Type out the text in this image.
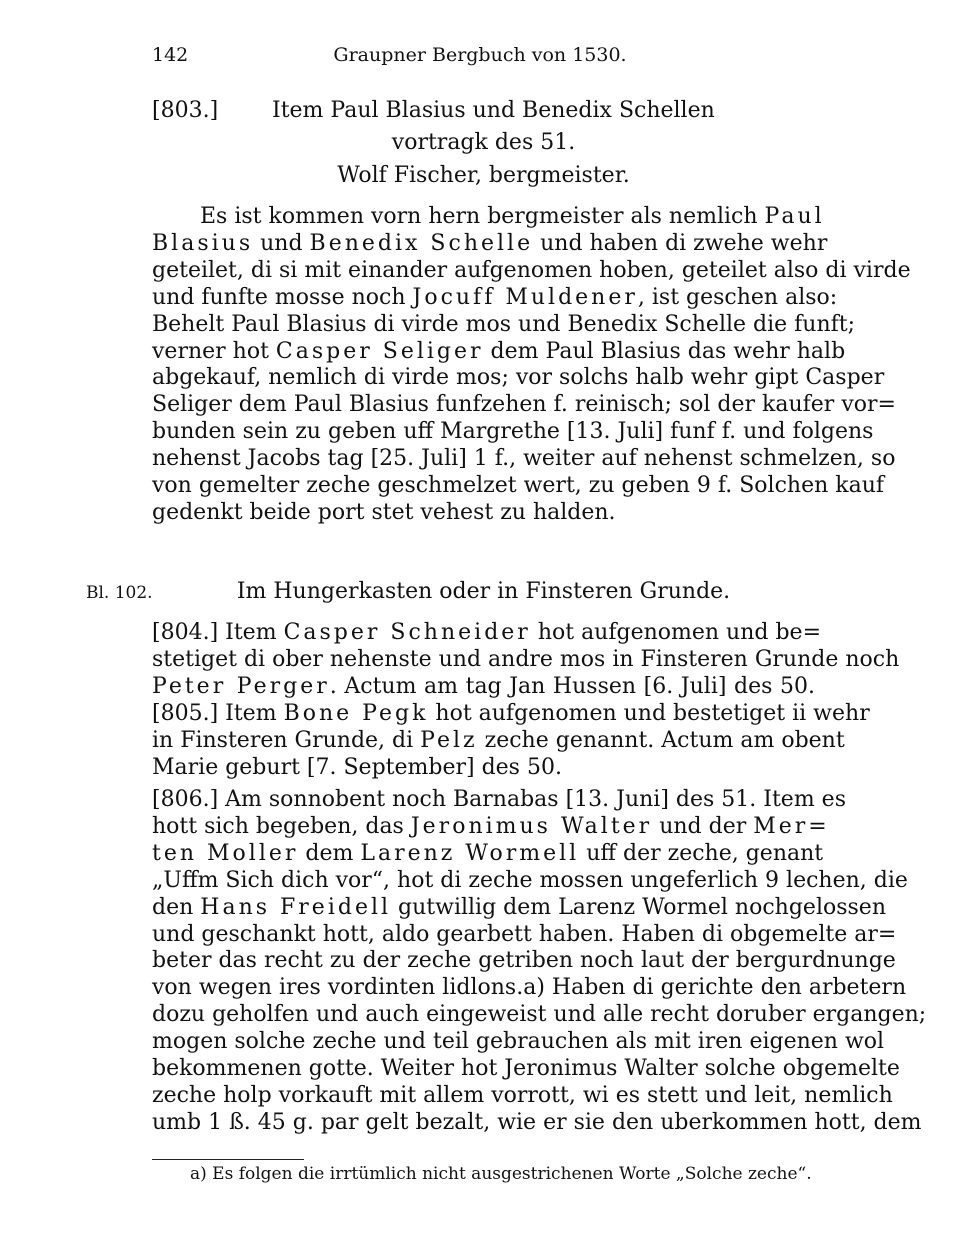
142	Graupner Bergbuch von 1530.
[803.] Item Paul Blasius und Benedix Schellen
vortragk des 51.
Wolf Fischer, bergmeister.
Es ist kommen vorn hern bergmeister als nemlich Paul
Blasius und Benedix Schelle und haben di zwehe wehr
geteilet, di si mit einander aufgenomen hoben, geteilet also di virde
und funfte mosse noch Jocuff Muldener, ist geschen also:
Behelt Paul Blasius di virde mos und Benedix Schelle die funft;
verner hot Casper Seliger dem Paul Blasius das wehr halb
abgekauf, nemlich di virde mos; vor solchs halb wehr gipt Casper
Seliger dem Paul Blasius funfzehen f. reinisch; sol der kaufer vor=
bunden sein zu geben uff Margrethe [13. Juli] funf f. und folgens
nehenst Jacobs tag [25. Juli] 1 f., weiter auf nehenst schmelzen, so
von gemelter zeche geschmelzet wert, zu geben 9 f. Solchen kauf
gedenkt beide port stet vehest zu halden.
Bl. 102.	Im Hungerkasten oder in Finsteren Grunde.
[804.] Item Casper Schneider hot aufgenomen und be=
stetiget di ober nehenste und andre mos in Finsteren Grunde noch
Peter Perger. Actum am tag Jan Hussen [6. Juli] des 50.
[805.] Item Bone Pegk hot aufgenomen und bestetiget ii wehr
in Finsteren Grunde, di Pelz zeche genannt. Actum am obent
Marie geburt [7. September] des 50.
[806.] Am sonnobent noch Barnabas [13. Juni] des 51. Item es
hott sich begeben, das Jeronimus Walter und der Mer=
ten Moller dem Larenz Wormell uff der zeche, genant
„Uffm Sich dich vor“, hot di zeche mossen ungeferlich 9 lechen, die
den Hans Freidell gutwillig dem Larenz Wormel nochgelossen
und geschankt hott, aldo gearbett haben. Haben di obgemelte ar=
beter das recht zu der zeche getriben noch laut der bergurdnunge
von wegen ires vordinten lidlons.a) Haben di gerichte den arbetern
dozu geholfen und auch eingeweist und alle recht doruber ergangen;
mogen solche zeche und teil gebrauchen als mit iren eigenen wol
bekommenen gotte. Weiter hot Jeronimus Walter solche obgemelte
zeche holp vorkauft mit allem vorrott, wi es stett und leit, nemlich
umb 1 ß. 45 g. par gelt bezalt, wie er sie den uberkommen hott, dem
a) Es folgen die irrtümlich nicht ausgestrichenen Worte „Solche zeche“.
